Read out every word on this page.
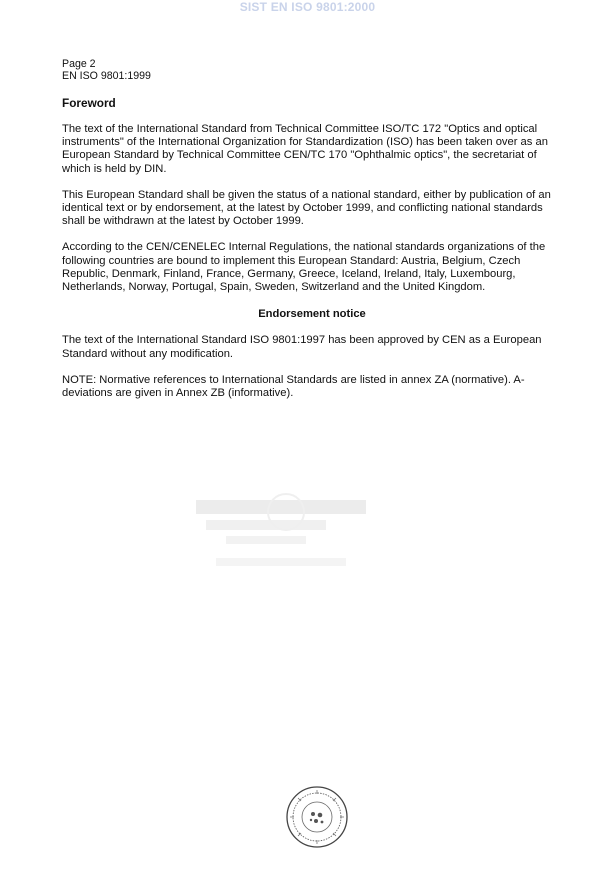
SIST EN ISO 9801:2000
Page 2
EN ISO 9801:1999
Foreword

The text of the International Standard from Technical Committee ISO/TC 172 "Optics and optical instruments" of the International Organization for Standardization (ISO) has been taken over as an European Standard by Technical Committee CEN/TC 170 "Ophthalmic optics", the secretariat of which is held by DIN.

This European Standard shall be given the status of a national standard, either by publication of an identical text or by endorsement, at the latest by October 1999, and conflicting national standards shall be withdrawn at the latest by October 1999.

According to the CEN/CENELEC Internal Regulations, the national standards organizations of the following countries are bound to implement this European Standard: Austria, Belgium, Czech Republic, Denmark, Finland, France, Germany, Greece, Iceland, Ireland, Italy, Luxembourg, Netherlands, Norway, Portugal, Spain, Sweden, Switzerland and the United Kingdom.

Endorsement notice

The text of the International Standard ISO 9801:1997 has been approved by CEN as a European Standard without any modification.

NOTE: Normative references to International Standards are listed in annex ZA (normative). A-deviations are given in Annex ZB (informative).
